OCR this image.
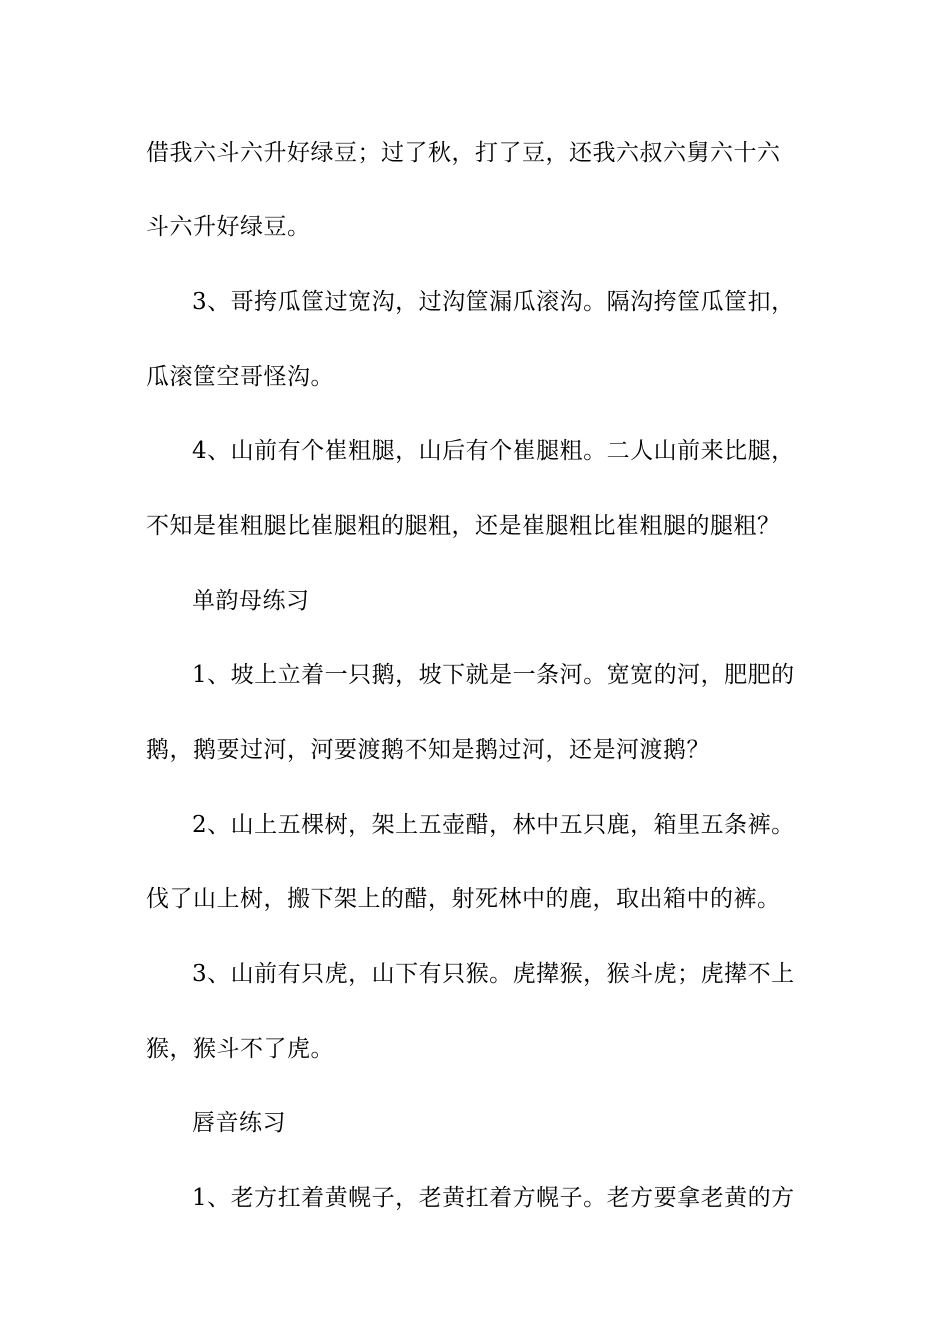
借我六斗六升好绿豆；过了秋，打了豆，还我六叔六舅六十六
斗六升好绿豆。
3、哥挎瓜筐过宽沟，过沟筐漏瓜滚沟。隔沟挎筐瓜筐扣，
瓜滚筐空哥怪沟。
4、山前有个崔粗腿，山后有个崔腿粗。二人山前来比腿，
不知是崔粗腿比崔腿粗的腿粗，还是崔腿粗比崔粗腿的腿粗？
单韵母练习
1、坡上立着一只鹅，坡下就是一条河。宽宽的河，肥肥的
鹅，鹅要过河，河要渡鹅不知是鹅过河，还是河渡鹅？
2、山上五棵树，架上五壶醋，林中五只鹿，箱里五条裤。
伐了山上树，搬下架上的醋，射死林中的鹿，取出箱中的裤。
3、山前有只虎，山下有只猴。虎撵猴，猴斗虎；虎撵不上
猴，猴斗不了虎。
唇音练习
1、老方扛着黄幌子，老黄扛着方幌子。老方要拿老黄的方
